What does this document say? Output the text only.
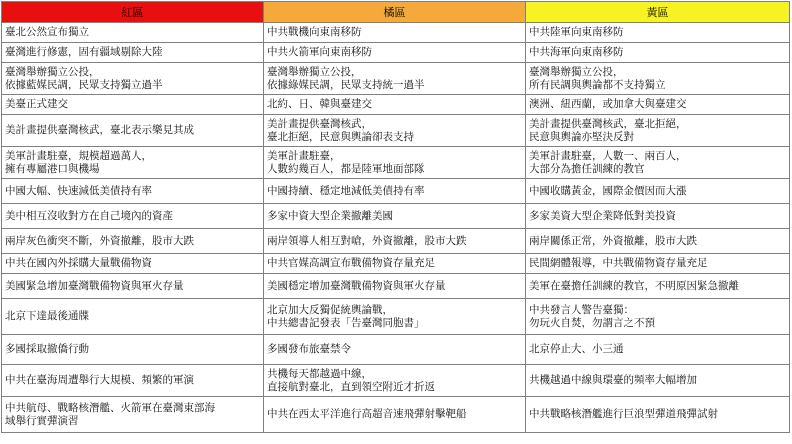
紅區	橘區	黃區

臺北公然宣布獨立	中共戰機向東南移防	中共陸軍向東南移防

臺灣進行修憲，固有疆域剔除大陸	中共火箭軍向東南移防	中共海軍向東南移防

臺灣舉辦獨立公投，
依據藍媒民調，民眾支持獨立過半	臺灣舉辦獨立公投，
依據綠媒民調，民眾支持統一過半	臺灣舉辦獨立公投，
所有民調與輿論都不支持獨立

美臺正式建交	北約、日、韓與臺建交	澳洲、紐西蘭，或加拿大與臺建交

美計畫提供臺灣核武，臺北表示樂見其成	美計畫提供臺灣核武，
臺北拒絕，民意與輿論卻表支持	美計畫提供臺灣核武，臺北拒絕，
民意與輿論亦堅決反對

美軍計畫駐臺，規模超過萬人，
擁有專屬港口與機場	美軍計畫駐臺，
人數約幾百人，都是陸軍地面部隊	美軍計畫駐臺，人數一、兩百人，
大部分為擔任訓練的教官

中國大幅、快速減低美債持有率	中國持續、穩定地減低美債持有率	中國收購黃金，國際金價因而大漲

美中相互沒收對方在自己境內的資產	多家中資大型企業撤離美國	多家美資大型企業降低對美投資

兩岸灰色衝突不斷，外資撤離，股市大跌	兩岸領導人相互對嗆，外資撤離，股市大跌	兩岸關係正常，外資撤離，股市大跌

中共在國內外採購大量戰備物資	中共官媒高調宣布戰備物資存量充足	民間網體報導，中共戰備物資存量充足

美國緊急增加臺灣戰備物資與軍火存量	美國穩定增加臺灣戰備物資與軍火存量	美軍在臺擔任訓練的教官，不明原因緊急撤離

北京下達最後通牒	北京加大反獨促統輿論戰，
中共總書記發表「告臺灣同胞書」	中共發言人警告臺獨：
勿玩火自焚，勿謂言之不預

多國採取撤僑行動	多國發布旅臺禁令	北京停止大、小三通

中共在臺海周遭舉行大規模、頻繁的軍演	共機每天都越過中線，
直接航對臺北，直到領空附近才折返	共機越過中線與環臺的頻率大幅增加

中共航母、戰略核潛艦、火箭軍在臺灣東部海
域舉行實彈演習	中共在西太平洋進行高超音速飛彈射擊靶船	中共戰略核潛艦進行巨浪型彈道飛彈試射
